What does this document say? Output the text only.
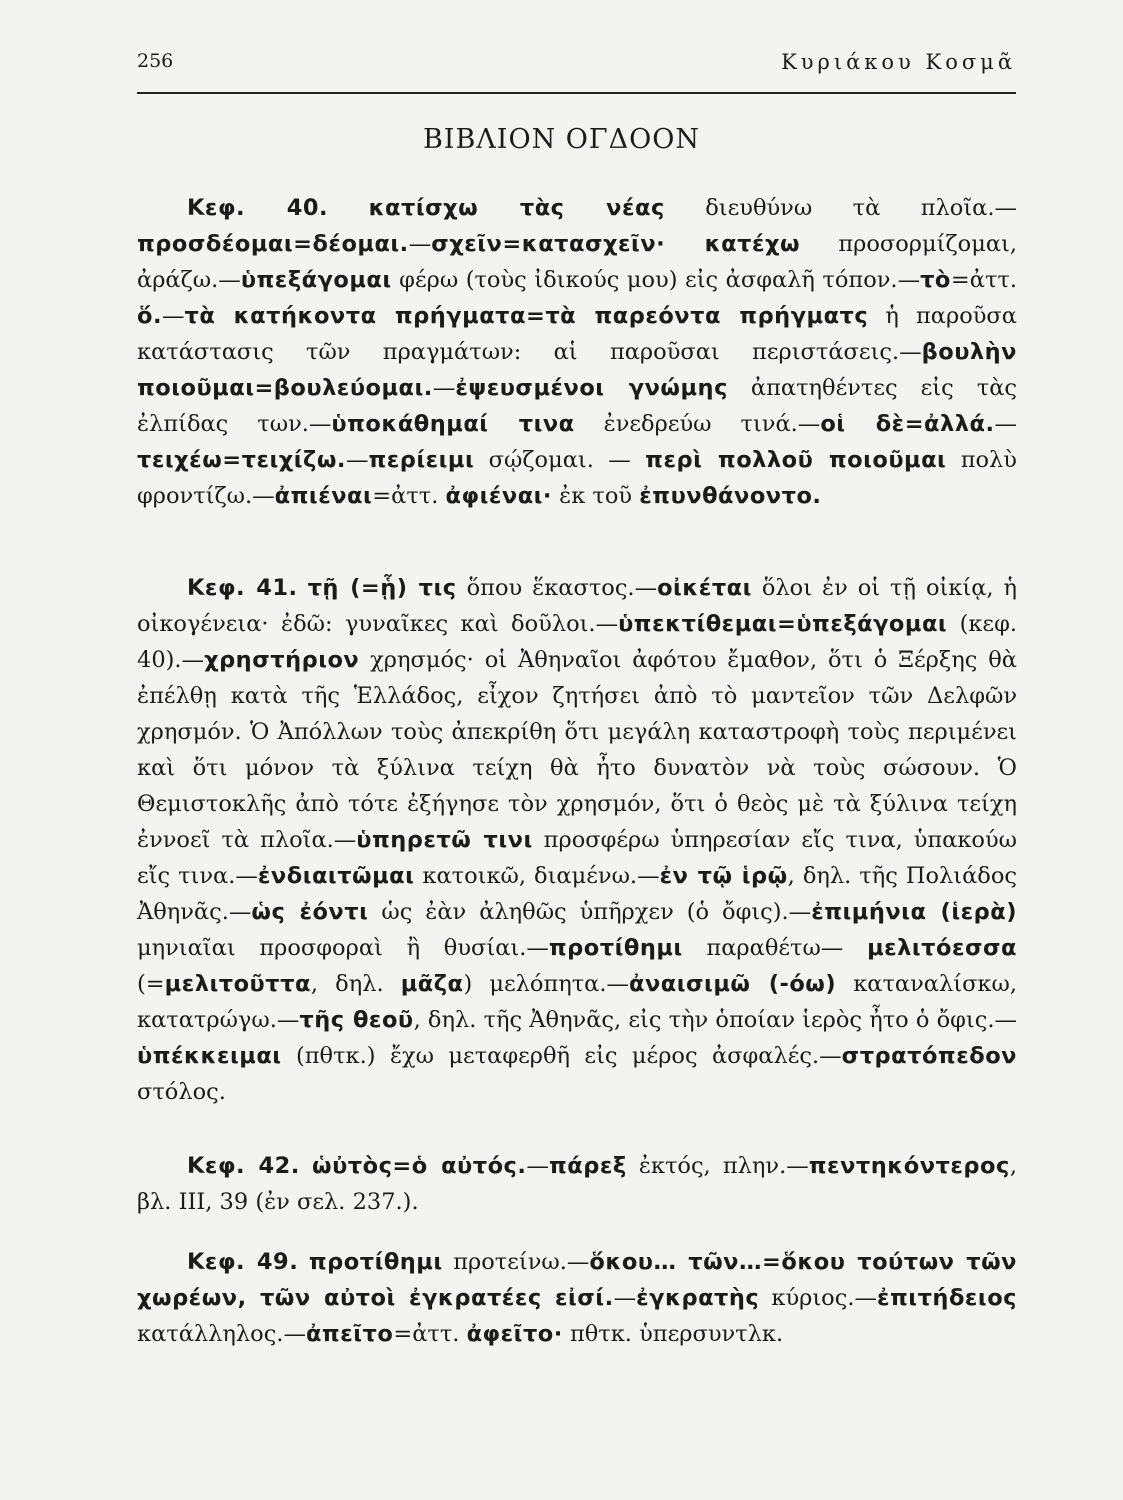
256	Κυριάκου Κοσμᾶ
ΒΙΒΛΙΟΝ ΟΓΔΟΟΝ

Κεφ. 40. κατίσχω τὰς νέας διευθύνω τὰ πλοῖα.—προσδέομαι=δέομαι.—σχεῖν=κατασχεῖν· κατέχω προσορμίζομαι, ἀράζω.—ὑπεξάγομαι φέρω (τοὺς ἰδικούς μου) εἰς ἀσφαλῆ τόπον.—τὸ=ἀττ. ὅ.—τὰ κατήκοντα πρήγματα=τὰ παρεόντα πρήγματς ἡ παροῦσα κατάστασις τῶν πραγμάτων: αἱ παροῦσαι περιστάσεις.—βουλὴν ποιοῦμαι=βουλεύομαι.—ἐψευσμένοι γνώμης ἀπατηθέντες εἰς τὰς ἐλπίδας των.—ὑποκάθημαί τινα ἐνεδρεύω τινά.—οἱ δὲ=ἀλλά.—τειχέω=τειχίζω.—περίειμι σῴζομαι. — περὶ πολλοῦ ποιοῦμαι πολὺ φροντίζω.—ἀπιέναι=ἀττ. ἀφιέναι· ἐκ τοῦ ἐπυνθάνοντο.

Κεφ. 41. τῇ (=ᾗ) τις ὅπου ἕκαστος.—οἰκέται ὅλοι ἐν οἱ τῇ οἰκίᾳ, ἡ οἰκογένεια· ἐδῶ: γυναῖκες καὶ δοῦλοι.—ὑπεκτίθεμαι=ὑπεξάγομαι (κεφ. 40).—χρηστήριον χρησμός· οἱ Ἀθηναῖοι ἀφότου ἔμαθον, ὅτι ὁ Ξέρξης θὰ ἐπέλθῃ κατὰ τῆς Ἑλλάδος, εἶχον ζητήσει ἀπὸ τὸ μαντεῖον τῶν Δελφῶν χρησμόν. Ὁ Ἀπόλλων τοὺς ἀπεκρίθη ὅτι μεγάλη καταστροφὴ τοὺς περιμένει καὶ ὅτι μόνον τὰ ξύλινα τείχη θὰ ἦτο δυνατὸν νὰ τοὺς σώσουν. Ὁ Θεμιστοκλῆς ἀπὸ τότε ἐξήγησε τὸν χρησμόν, ὅτι ὁ θεὸς μὲ τὰ ξύλινα τείχη ἐννοεῖ τὰ πλοῖα.—ὑπηρετῶ τινι προσφέρω ὑπηρεσίαν εἴς τινα, ὑπακούω εἴς τινα.—ἐνδιαιτῶμαι κατοικῶ, διαμένω.—ἐν τῷ ἱρῷ, δηλ. τῆς Πολιάδος Ἀθηνᾶς.—ὡς ἐόντι ὡς ἐὰν ἀληθῶς ὑπῆρχεν (ὁ ὄφις).—ἐπιμήνια (ἱερὰ) μηνιαῖαι προσφοραὶ ἢ θυσίαι.—προτίθημι παραθέτω— μελιτόεσσα (=μελιτοῦττα, δηλ. μᾶζα) μελόπητα.—ἀναισιμῶ (-όω) καταναλίσκω, κατατρώγω.—τῆς θεοῦ, δηλ. τῆς Ἀθηνᾶς, εἰς τὴν ὁποίαν ἱερὸς ἦτο ὁ ὄφις.—ὑπέκκειμαι (πθτκ.) ἔχω μεταφερθῆ εἰς μέρος ἀσφαλές.—στρατόπεδον στόλος.

Κεφ. 42. ὡὐτὸς=ὁ αὐτός.—πάρεξ ἐκτός, πλην.—πεντηκόντερος, βλ. III, 39 (ἐν σελ. 237.).

Κεφ. 49. προτίθημι προτείνω.—ὅκου… τῶν…=ὅκου τούτων τῶν χωρέων, τῶν αὐτοὶ ἐγκρατέες εἰσί.—ἐγκρατὴς κύριος.—ἐπιτήδειος κατάλληλος.—ἀπεῖτο=ἀττ. ἀφεῖτο· πθτκ. ὑπερσυντλκ.
